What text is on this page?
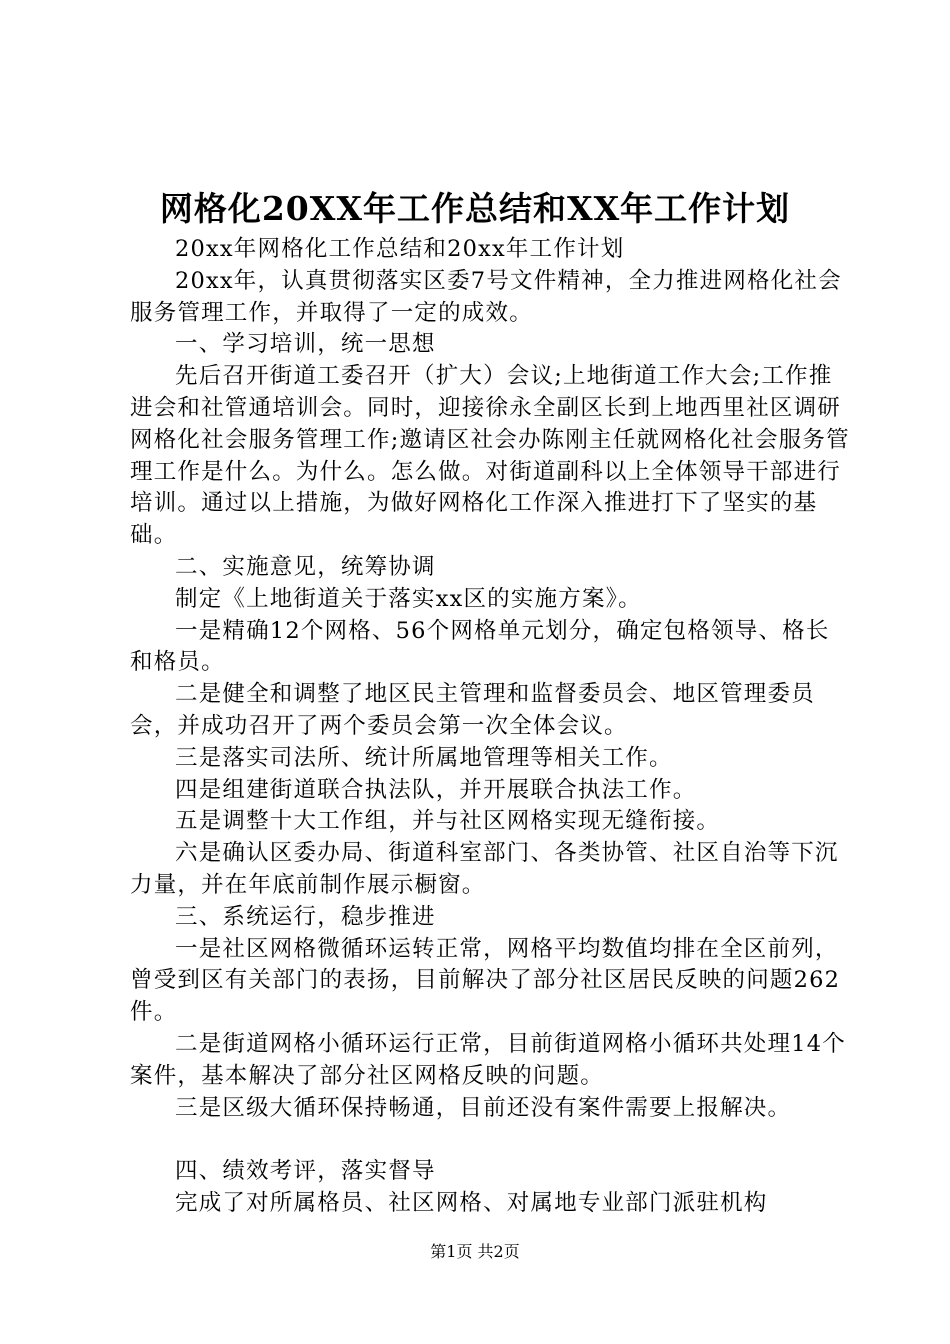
网格化20XX年工作总结和XX年工作计划

20xx年网格化工作总结和20xx年工作计划

20xx年，认真贯彻落实区委7号文件精神，全力推进网格化社会服务管理工作，并取得了一定的成效。

一、学习培训，统一思想

先后召开街道工委召开（扩大）会议;上地街道工作大会;工作推进会和社管通培训会。同时，迎接徐永全副区长到上地西里社区调研网格化社会服务管理工作;邀请区社会办陈刚主任就网格化社会服务管理工作是什么。为什么。怎么做。对街道副科以上全体领导干部进行培训。通过以上措施，为做好网格化工作深入推进打下了坚实的基础。

二、实施意见，统筹协调

制定《上地街道关于落实xx区的实施方案》。

一是精确12个网格、56个网格单元划分，确定包格领导、格长和格员。

二是健全和调整了地区民主管理和监督委员会、地区管理委员会，并成功召开了两个委员会第一次全体会议。

三是落实司法所、统计所属地管理等相关工作。

四是组建街道联合执法队，并开展联合执法工作。

五是调整十大工作组，并与社区网格实现无缝衔接。

六是确认区委办局、街道科室部门、各类协管、社区自治等下沉力量，并在年底前制作展示橱窗。

三、系统运行，稳步推进

一是社区网格微循环运转正常，网格平均数值均排在全区前列，曾受到区有关部门的表扬，目前解决了部分社区居民反映的问题262件。

二是街道网格小循环运行正常，目前街道网格小循环共处理14个案件，基本解决了部分社区网格反映的问题。

三是区级大循环保持畅通，目前还没有案件需要上报解决。

四、绩效考评，落实督导

完成了对所属格员、社区网格、对属地专业部门派驻机构

第1页 共2页
